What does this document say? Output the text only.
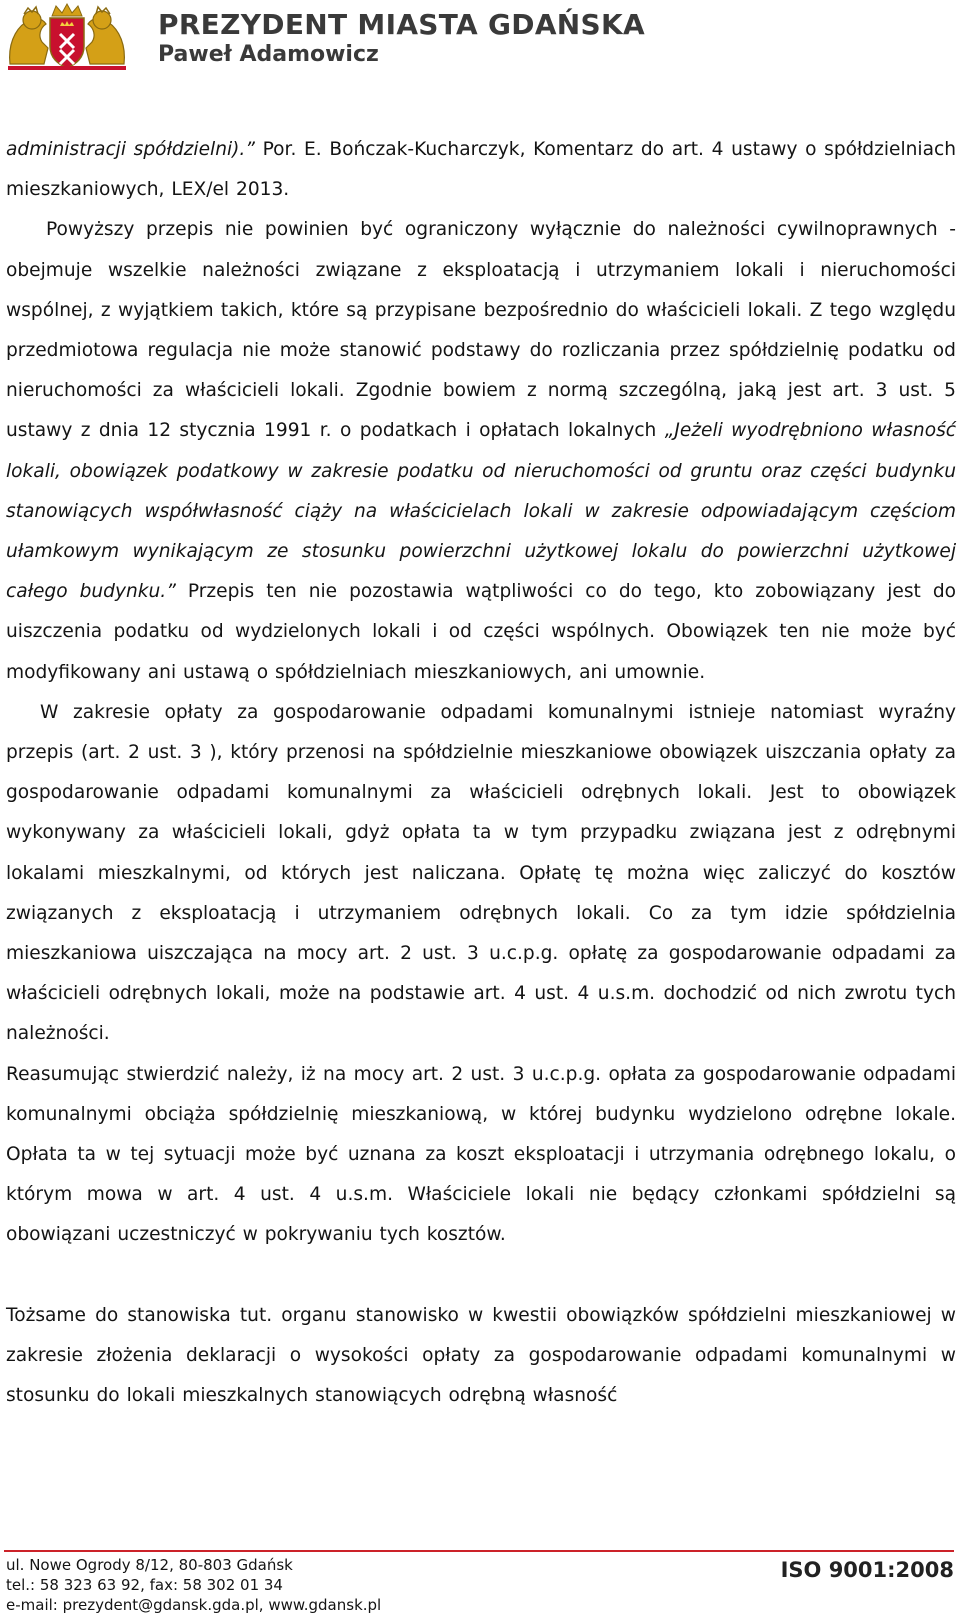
PREZYDENT MIASTA GDAŃSKA
Paweł Adamowicz

administracji spółdzielni).” Por. E. Bończak-Kucharczyk, Komentarz do art. 4 ustawy o spółdzielniach mieszkaniowych, LEX/el 2013.

Powyższy przepis nie powinien być ograniczony wyłącznie do należności cywilnoprawnych - obejmuje wszelkie należności związane z eksploatacją i utrzymaniem lokali i nieruchomości wspólnej, z wyjątkiem takich, które są przypisane bezpośrednio do właścicieli lokali. Z tego względu przedmiotowa regulacja nie może stanowić podstawy do rozliczania przez spółdzielnię podatku od nieruchomości za właścicieli lokali. Zgodnie bowiem z normą szczególną, jaką jest art. 3 ust. 5 ustawy z dnia 12 stycznia 1991 r. o podatkach i opłatach lokalnych „Jeżeli wyodrębniono własność lokali, obowiązek podatkowy w zakresie podatku od nieruchomości od gruntu oraz części budynku stanowiących współwłasność ciąży na właścicielach lokali w zakresie odpowiadającym częściom ułamkowym wynikającym ze stosunku powierzchni użytkowej lokalu do powierzchni użytkowej całego budynku.” Przepis ten nie pozostawia wątpliwości co do tego, kto zobowiązany jest do uiszczenia podatku od wydzielonych lokali i od części wspólnych. Obowiązek ten nie może być modyfikowany ani ustawą o spółdzielniach mieszkaniowych, ani umownie.

W zakresie opłaty za gospodarowanie odpadami komunalnymi istnieje natomiast wyraźny przepis (art. 2 ust. 3 ), który przenosi na spółdzielnie mieszkaniowe obowiązek uiszczania opłaty za gospodarowanie odpadami komunalnymi za właścicieli odrębnych lokali. Jest to obowiązek wykonywany za właścicieli lokali, gdyż opłata ta w tym przypadku związana jest z odrębnymi lokalami mieszkalnymi, od których jest naliczana. Opłatę tę można więc zaliczyć do kosztów związanych z eksploatacją i utrzymaniem odrębnych lokali. Co za tym idzie spółdzielnia mieszkaniowa uiszczająca na mocy art. 2 ust. 3 u.c.p.g. opłatę za gospodarowanie odpadami za właścicieli odrębnych lokali, może na podstawie art. 4 ust. 4 u.s.m. dochodzić od nich zwrotu tych należności.

Reasumując stwierdzić należy, iż na mocy art. 2 ust. 3 u.c.p.g. opłata za gospodarowanie odpadami komunalnymi obciąża spółdzielnię mieszkaniową, w której budynku wydzielono odrębne lokale. Opłata ta w tej sytuacji może być uznana za koszt eksploatacji i utrzymania odrębnego lokalu, o którym mowa w art. 4 ust. 4 u.s.m. Właściciele lokali nie będący członkami spółdzielni są obowiązani uczestniczyć w pokrywaniu tych kosztów.

Tożsame do stanowiska tut. organu stanowisko w kwestii obowiązków spółdzielni mieszkaniowej w zakresie złożenia deklaracji o wysokości opłaty za gospodarowanie odpadami komunalnymi w stosunku do lokali mieszkalnych stanowiących odrębną własność

ul. Nowe Ogrody 8/12, 80-803 Gdańsk
tel.: 58 323 63 92, fax: 58 302 01 34
e-mail: prezydent@gdansk.gda.pl, www.gdansk.pl
ISO 9001:2008
